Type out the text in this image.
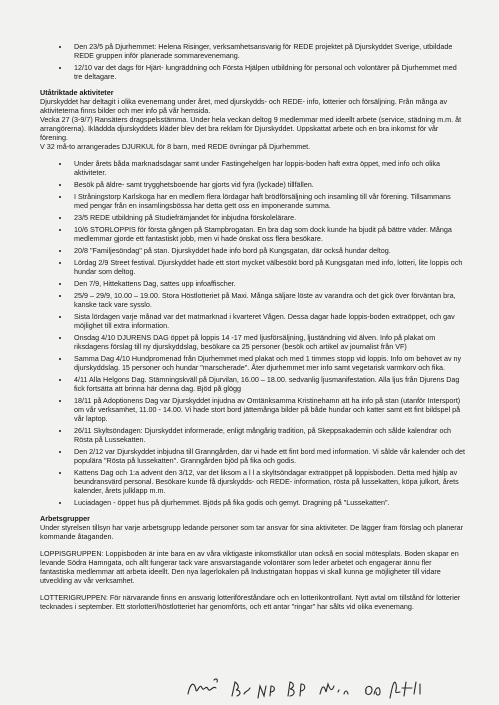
• Den 23/5 på Djurhemmet: Helena Risinger, verksamhetsansvarig för REDE projektet på Djurskyddet Sverige, utbildade REDE gruppen inför planerade sommarevenemang.
• 12/10 var det dags för Hjärt- lungräddning och Första Hjälpen utbildning för personal och volontärer på Djurhemmet med tre deltagare.

Utåtriktade aktiviteter

Djurskyddet har deltagit i olika evenemang under året, med djurskydds- och REDE- info, lotterier och försäljning. Från många av aktiviteterna finns bilder och mer info på vår hemsida.

Vecka 27 (3-9/7) Ransäters dragspelsstämma. Under hela veckan deltog 9 medlemmar med ideellt arbete (service, städning m.m. åt arrangörerna). Ikläddda djurskyddets kläder blev det bra reklam för Djurskyddet. Uppskattat arbete och en bra inkomst för vår förening.

V 32 må-to arrangerades DJURKUL för 8 barn, med REDE övningar på Djurhemmet.

• Under årets båda marknadsdagar samt under Fastingehelgen har loppis-boden haft extra öppet, med info och olika aktiviteter.
• Besök på äldre- samt trygghetsboende har gjorts vid fyra (lyckade) tillfällen.
• I Stråningstorp Karlskoga har en medlem flera lördagar haft brödförsäljning och insamling till vår förening. Tillsammans med pengar från en insamlingsbössa har detta gett oss en imponerande summa.
• 23/5 REDE utbildning på Studiefrämjandet för inbjudna förskolelärare.
• 10/6 STORLOPPIS för första gången på Stampbrogatan. En bra dag som dock kunde ha bjudit på bättre väder. Många medlemmar gjorde ett fantastiskt jobb, men vi hade önskat oss flera besökare.
• 20/8 "Familjesöndag" på stan. Djurskyddet hade info bord på Kungsgatan, där också hundar deltog.
• Lördag 2/9 Street festival. Djurskyddet hade ett stort mycket välbesökt bord på Kungsgatan med info, lotteri, lite loppis och hundar som deltog.
• Den 7/9, Hittekattens Dag, sattes upp infoaffischer.
• 25/9 – 29/9, 10.00 – 19.00. Stora Höstlotteriet på Maxi. Många säljare löste av varandra och det gick över förväntan bra, kanske tack vare sysslo.
• Sista lördagen varje månad var det matmarknad i kvarteret Vågen. Dessa dagar hade loppis-boden extraöppet, och gav möjlighet till extra information.
• Onsdag 4/10 DJURENS DAG öppet på loppis 14 -17 med ljusförsäljning, ljuständning vid älven. Info på plakat om riksdagens förslag till ny djurskyddslag, besökare ca 25 personer (besök och artikel av journalist från VF)
• Samma Dag 4/10 Hundpromenad från Djurhemmet med plakat och med 1 timmes stopp vid loppis. Info om behovet av ny djurskyddslag. 15 personer och hundar "marscherade". Åter djurhemmet mer info samt vegetarisk varmkorv och fika.
• 4/11 Alla Helgons Dag. Stämningskväll på Djurvilan, 16.00 – 18.00. sedvanlig ljusmanifestation. Alla ljus från Djurens Dag fick fortsätta att brinna här denna dag. Bjöd på glögg
• 18/11 på Adoptionens Dag var Djurskyddet injudna av Omtänksamma Kristinehamn att ha info på stan (utanför Intersport) om vår verksamhet, 11.00 - 14.00. Vi hade stort bord jättemånga bilder på både hundar och katter samt ett fint bildspel på vår laptop.
• 26/11 Skyltsöndagen: Djurskyddet informerade, enligt mångårig tradition, på Skeppsakademin och sålde kalendrar och Rösta på Lussekatten.
• Den 2/12 var Djurskyddet inbjudna till Granngården, där vi hade ett fint bord med information. Vi sålde vår kalender och det populära "Rösta på lussekatten". Granngården bjöd på fika och godis.
• Kattens Dag och 1:a advent den 3/12, var det liksom a l l a skyltsöndagar extraöppet på loppisboden. Detta med hjälp av beundransvärd personal. Besökare kunde få djurskydds- och REDE- information, rösta på lussekatten, köpa julkort, årets kalender, årets julklapp m.m.
• Luciadagen - öppet hus på djurhemmet. Bjöds på fika godis och gemyt. Dragning på "Lussekatten".

Arbetsgrupper

Under styrelsen tillsyn har varje arbetsgrupp ledande personer som tar ansvar för sina aktiviteter. De lägger fram förslag och planerar kommande åtaganden.

LOPPISGRUPPEN: Loppisboden är inte bara en av våra viktigaste inkomstkällor utan också en social mötesplats. Boden skapar en levande Södra Hamngata, och allt fungerar tack vare ansvarstagande volontärer som leder arbetet och engagerar ännu fler fantastiska medlemmar att arbeta ideellt. Den nya lagerlokalen på Industrigatan hoppas vi skall kunna ge möjligheter till vidare utveckling av vår verksamhet.

LOTTERIGRUPPEN: För närvarande finns en ansvarig lotteriföreståndare och en lotterikontrollant. Nytt avtal om tillstånd för lotterier tecknades i september. Ett storlotteri/höstlotteriet har genomförts, och ett antar "ringar" har sålts vid olika evenemang.
